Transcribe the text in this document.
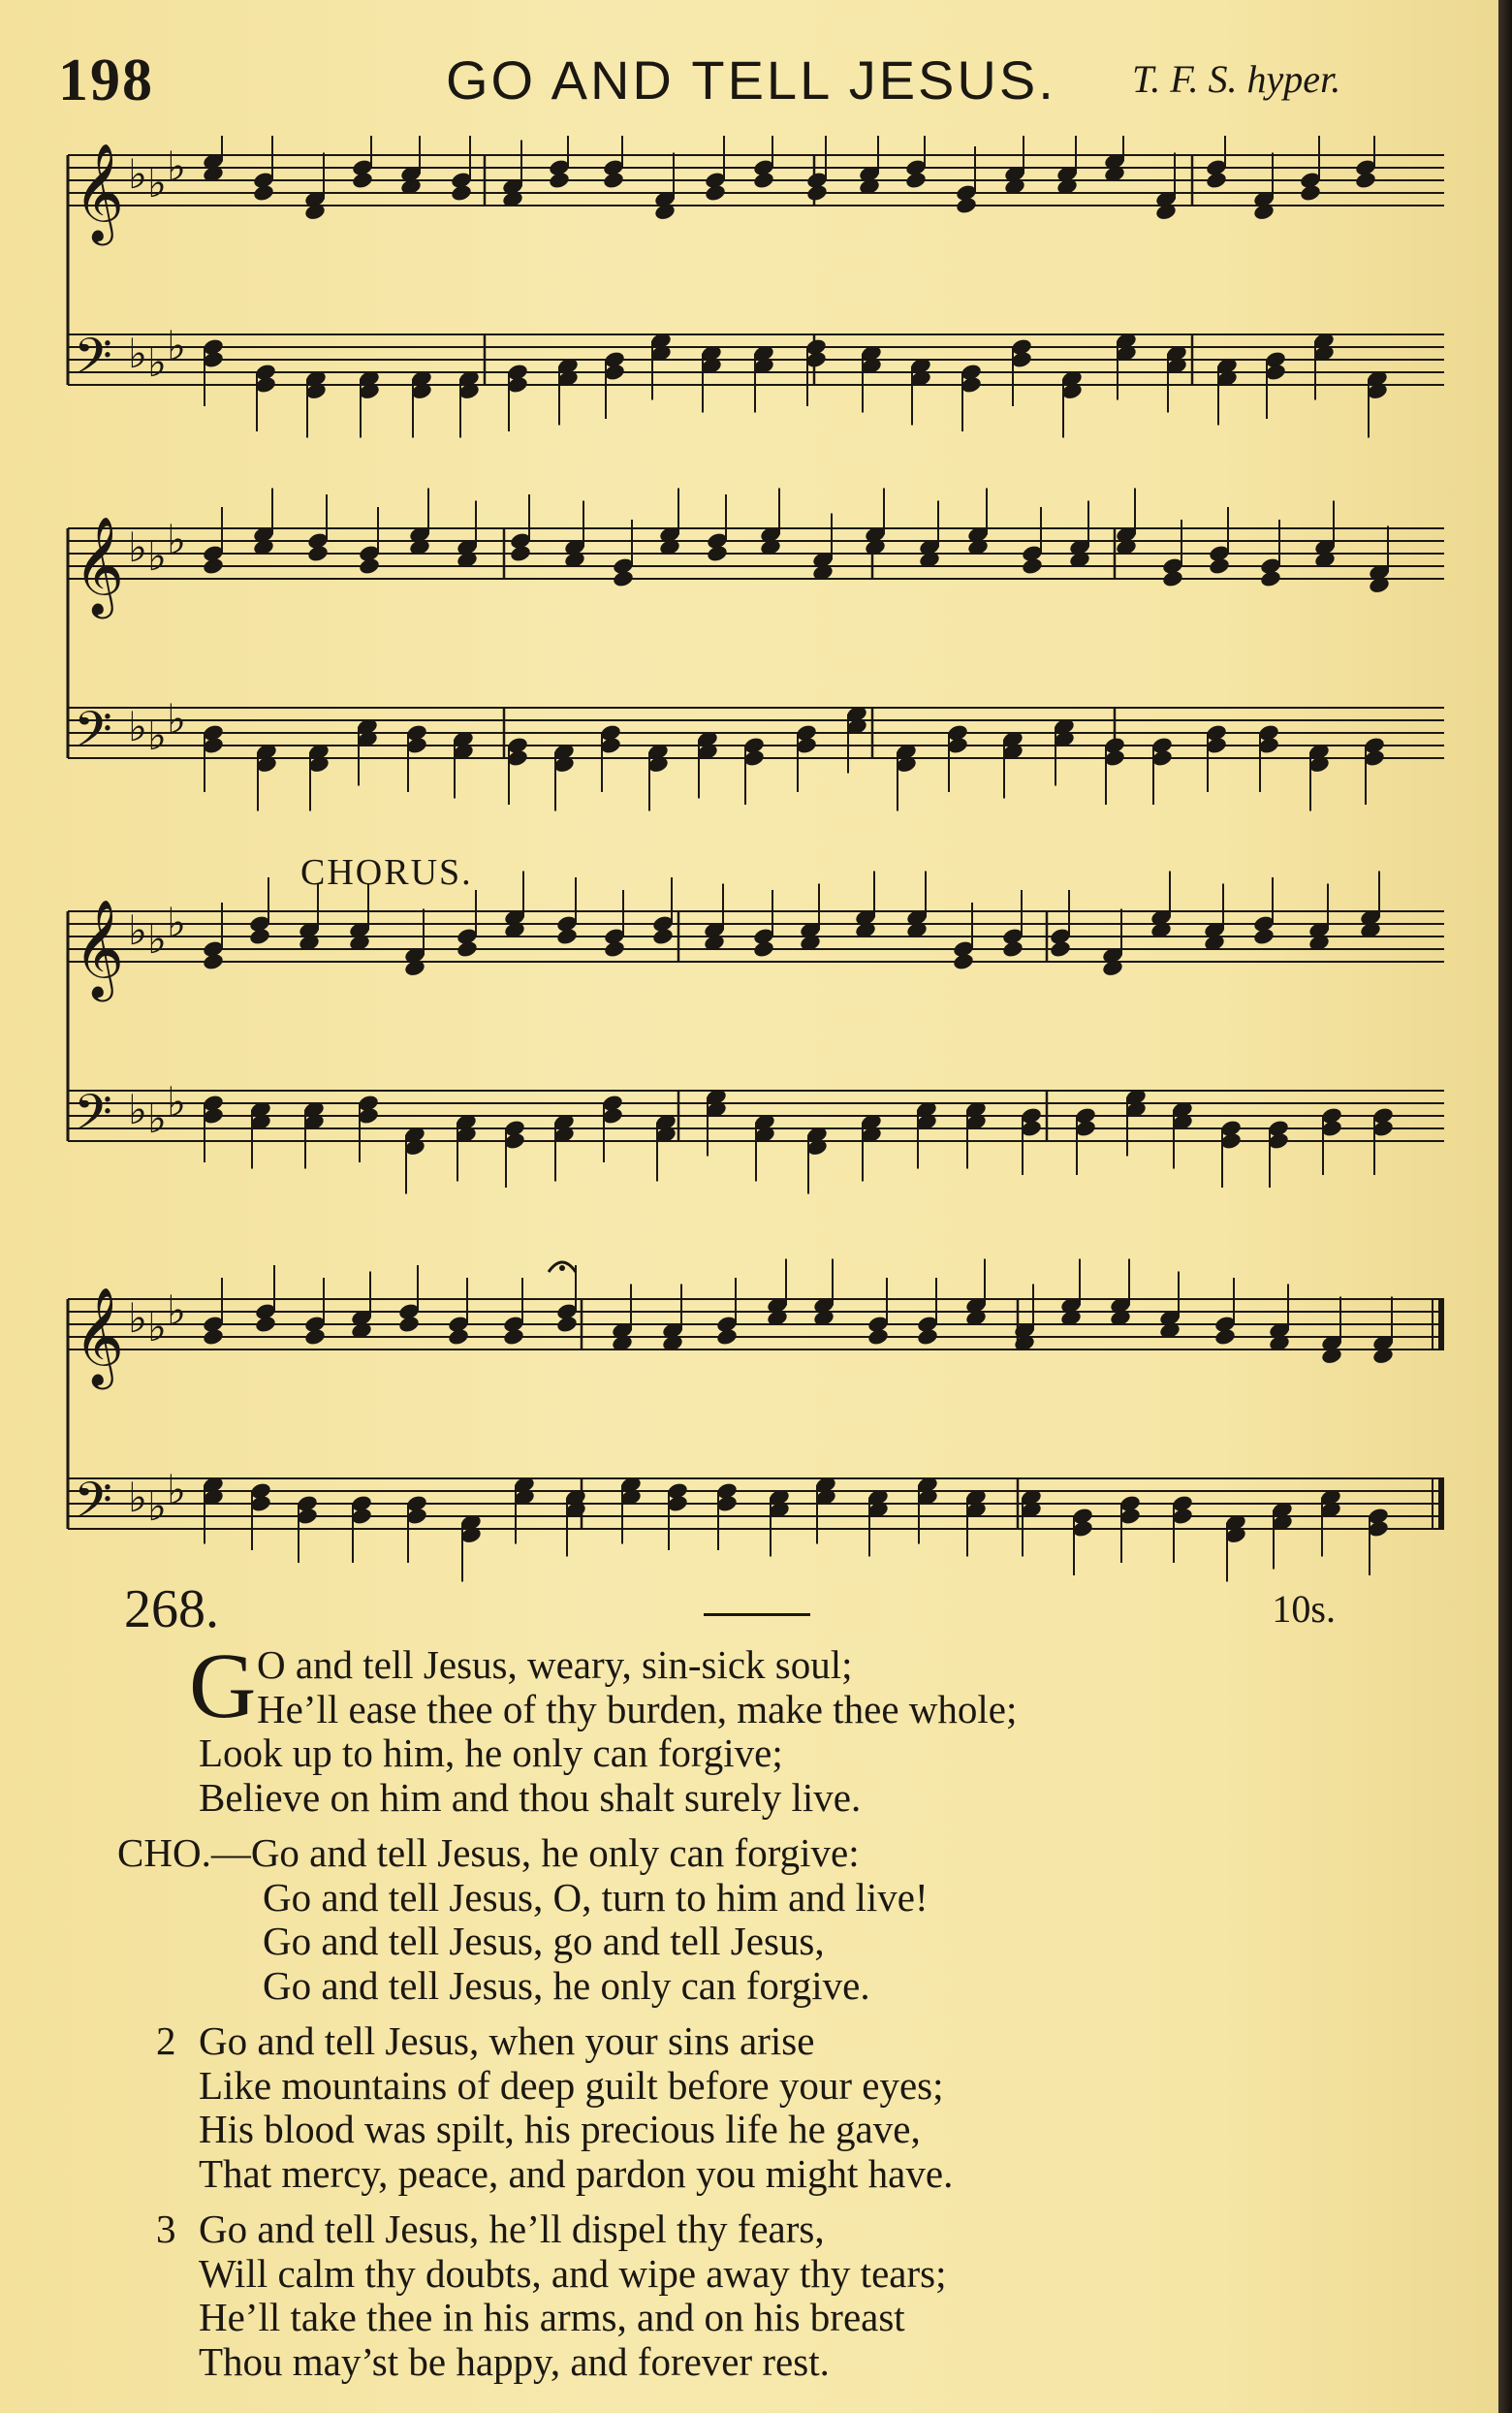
198	GO AND TELL JESUS. T. F. S. hyper.
𝄞 ♭ ♭ ♭
𝄢 ♭ ♭ ♭
𝄞 ♭ ♭ ♭
𝄢 ♭ ♭ ♭
𝄞 ♭ ♭ ♭
𝄢 ♭ ♭ ♭
𝄞 ♭ ♭ ♭
𝄢 ♭ ♭ ♭
CHORUS.
268.	10s.
G O and tell Jesus, weary, sin-sick soul;
He’ll ease thee of thy burden, make thee whole;
Look up to him, he only can forgive;
Believe on him and thou shalt surely live.
CHO.—Go and tell Jesus, he only can forgive:
Go and tell Jesus, O, turn to him and live!
Go and tell Jesus, go and tell Jesus,
Go and tell Jesus, he only can forgive.
2 Go and tell Jesus, when your sins arise
Like mountains of deep guilt before your eyes;
His blood was spilt, his precious life he gave,
That mercy, peace, and pardon you might have.
3 Go and tell Jesus, he’ll dispel thy fears,
Will calm thy doubts, and wipe away thy tears;
He’ll take thee in his arms, and on his breast
Thou may’st be happy, and forever rest.
